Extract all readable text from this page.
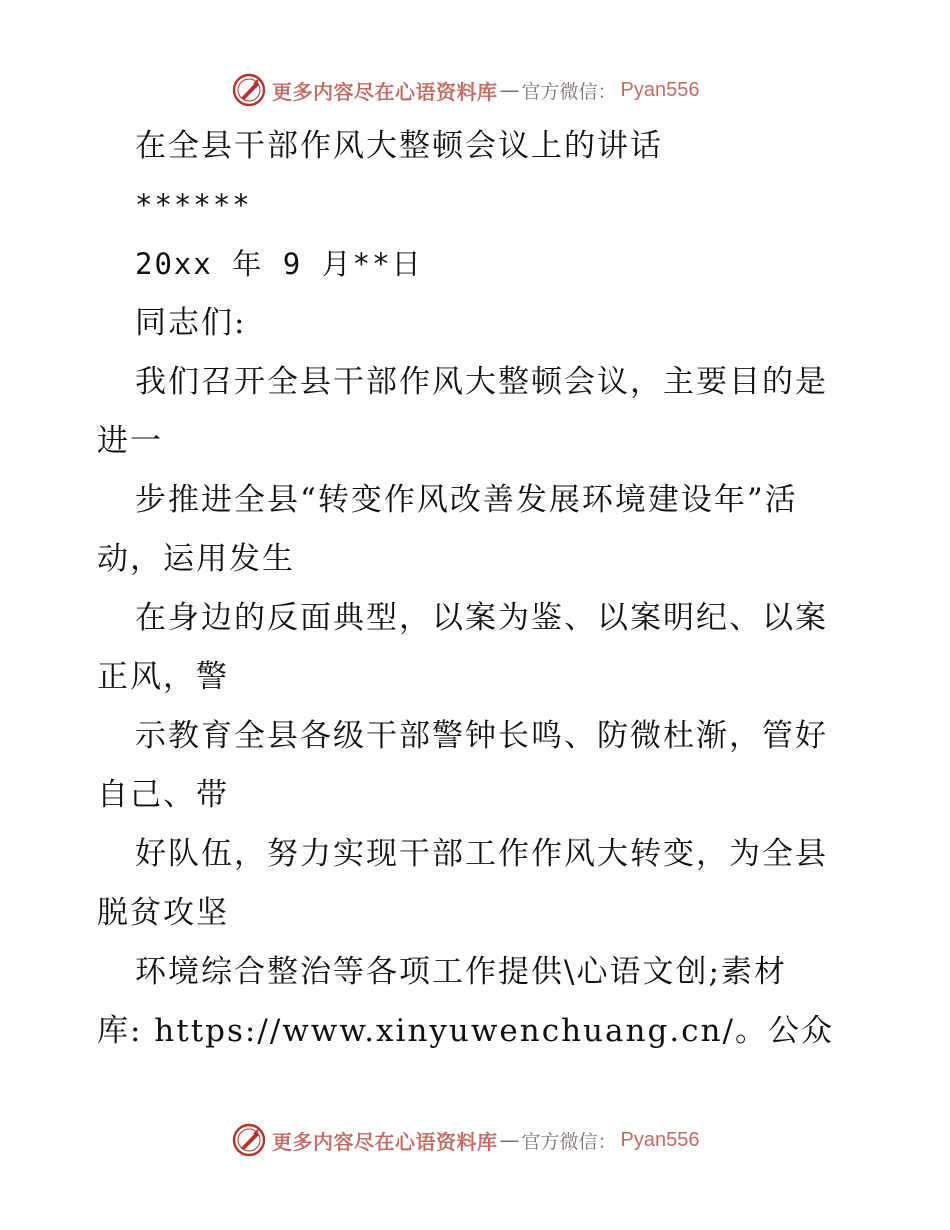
更多内容尽在心语资料库 — 官方微信： Pyan556
在全县干部作风大整顿会议上的讲话
******
20xx 年 9 月**日
同志们:
我们召开全县干部作风大整顿会议，主要目的是
进一
步推进全县“转变作风改善发展环境建设年”活
动，运用发生
在身边的反面典型，以案为鉴、以案明纪、以案
正风，警
示教育全县各级干部警钟长鸣、防微杜渐，管好
自己、带
好队伍，努力实现干部工作作风大转变，为全县
脱贫攻坚
环境综合整治等各项工作提供\心语文创;素材
库: https://www.xinyuwenchuang.cn/。公众
更多内容尽在心语资料库 — 官方微信： Pyan556
